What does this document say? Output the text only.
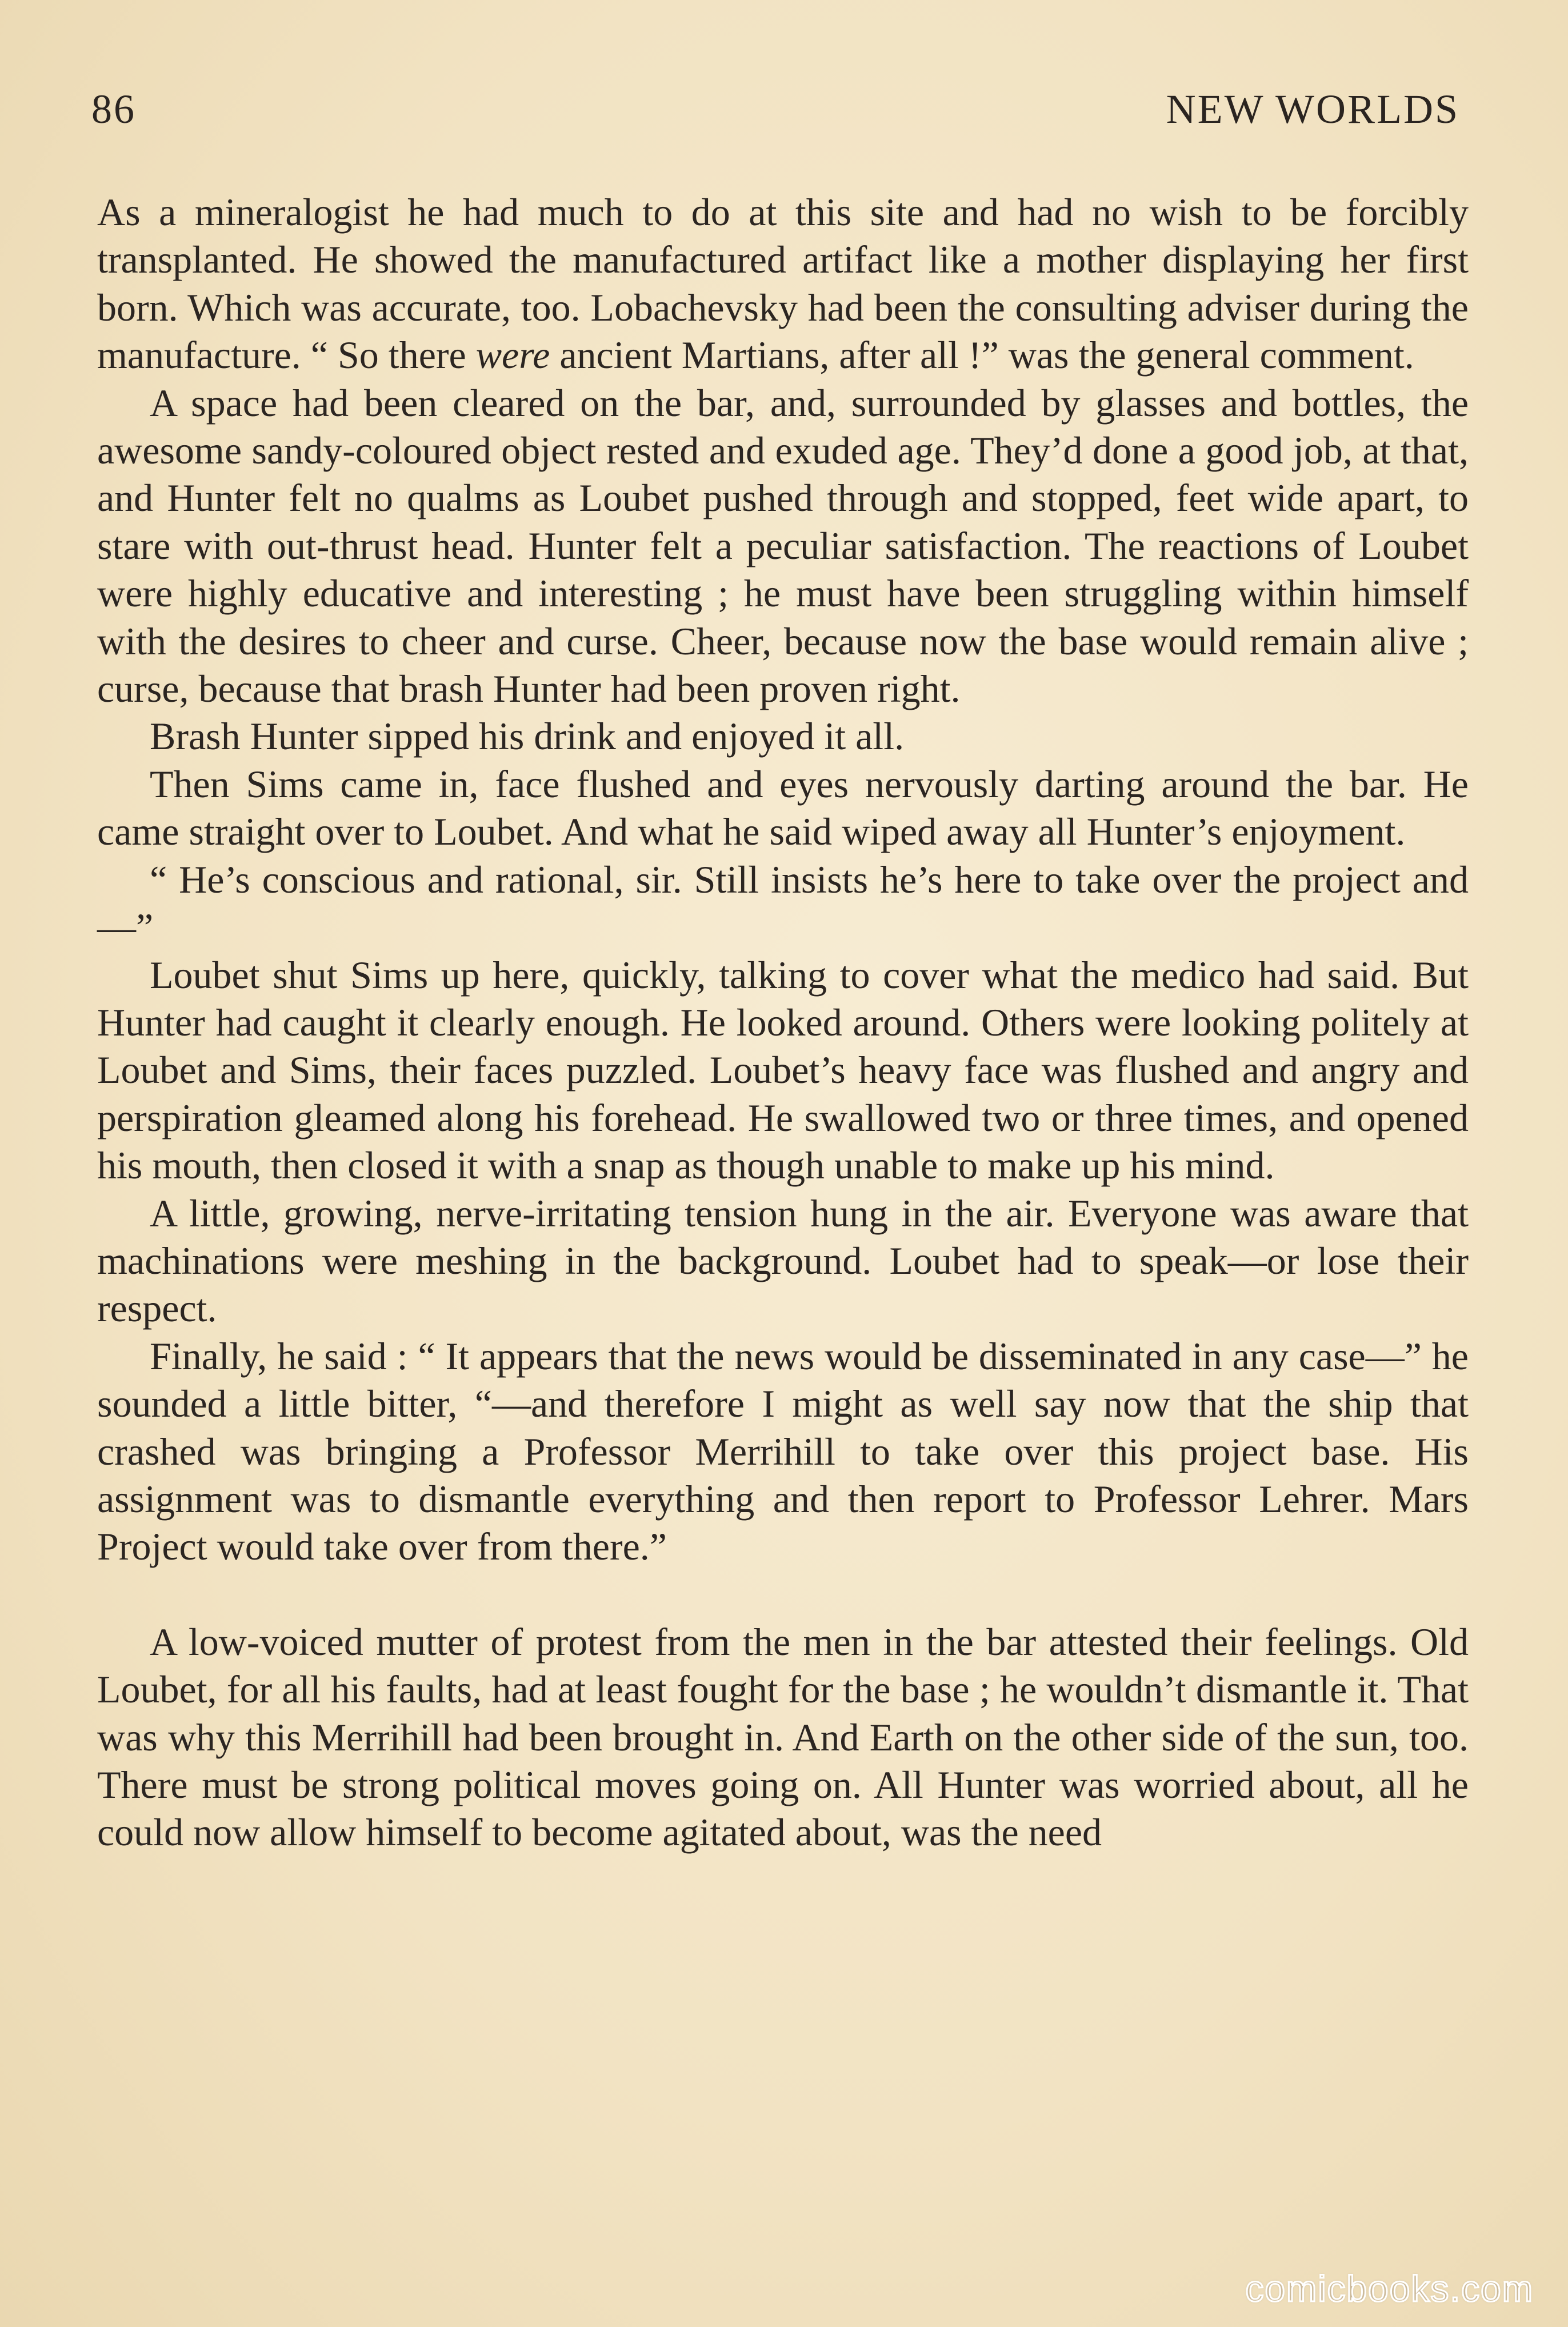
86	NEW WORLDS

As a mineralogist he had much to do at this site and had no wish to be forcibly transplanted. He showed the manufactured artifact like a mother displaying her first born. Which was accurate, too. Lobachevsky had been the consulting adviser during the manufacture. “ So there were ancient Martians, after all !” was the general comment.

A space had been cleared on the bar, and, surrounded by glasses and bottles, the awesome sandy-coloured object rested and exuded age. They’d done a good job, at that, and Hunter felt no qualms as Loubet pushed through and stopped, feet wide apart, to stare with out-thrust head. Hunter felt a peculiar satisfaction. The reactions of Loubet were highly educative and interesting ; he must have been struggling within himself with the desires to cheer and curse. Cheer, because now the base would remain alive ; curse, because that brash Hunter had been proven right.

Brash Hunter sipped his drink and enjoyed it all.

Then Sims came in, face flushed and eyes nervously darting around the bar. He came straight over to Loubet. And what he said wiped away all Hunter’s enjoyment.

“ He’s conscious and rational, sir. Still insists he’s here to take over the project and—”

Loubet shut Sims up here, quickly, talking to cover what the medico had said. But Hunter had caught it clearly enough. He looked around. Others were looking politely at Loubet and Sims, their faces puzzled. Loubet’s heavy face was flushed and angry and perspiration gleamed along his forehead. He swallowed two or three times, and opened his mouth, then closed it with a snap as though unable to make up his mind.

A little, growing, nerve-irritating tension hung in the air. Everyone was aware that machinations were meshing in the background. Loubet had to speak—or lose their respect.

Finally, he said : “ It appears that the news would be disseminated in any case—” he sounded a little bitter, “—and therefore I might as well say now that the ship that crashed was bringing a Professor Merrihill to take over this project base. His assignment was to dismantle everything and then report to Professor Lehrer. Mars Project would take over from there.”

A low-voiced mutter of protest from the men in the bar attested their feelings. Old Loubet, for all his faults, had at least fought for the base ; he wouldn’t dismantle it. That was why this Merrihill had been brought in. And Earth on the other side of the sun, too. There must be strong political moves going on. All Hunter was worried about, all he could now allow himself to become agitated about, was the need

comicbooks.com
